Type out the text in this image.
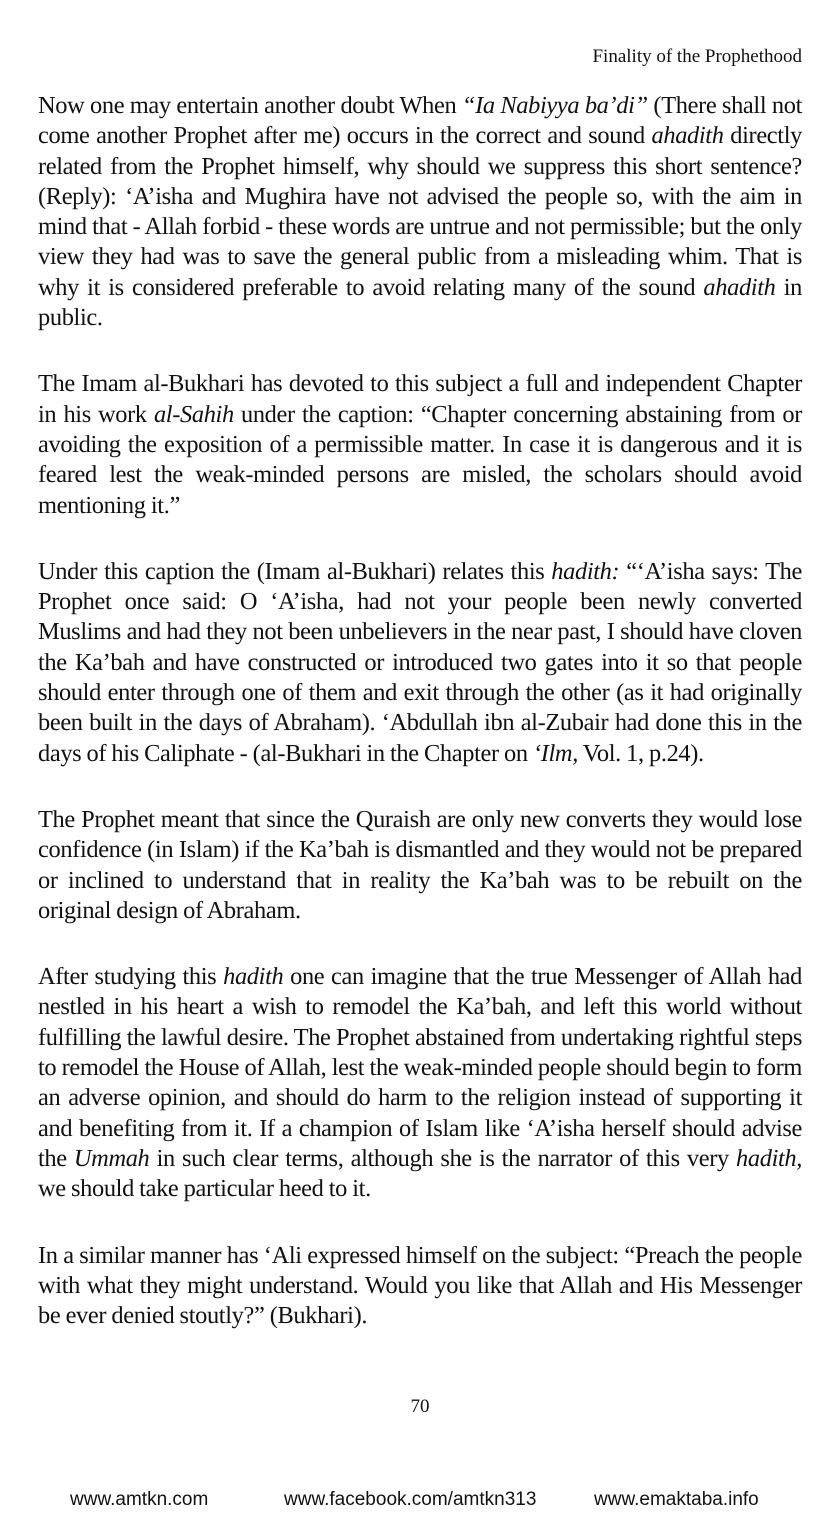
Finality of the Prophethood

Now one may entertain another doubt When “Ia Nabiyya ba’di” (There shall not come another Prophet after me) occurs in the correct and sound ahadith directly related from the Prophet himself, why should we suppress this short sentence? (Reply): ‘A’isha and Mughira have not advised the people so, with the aim in mind that - Allah forbid - these words are untrue and not permissible; but the only view they had was to save the general public from a misleading whim. That is why it is considered preferable to avoid relating many of the sound ahadith in public.

The Imam al-Bukhari has devoted to this subject a full and independent Chapter in his work al-Sahih under the caption: “Chapter concerning abstaining from or avoiding the exposition of a permissible matter. In case it is dangerous and it is feared lest the weak-minded persons are misled, the scholars should avoid mentioning it.”

Under this caption the (Imam al-Bukhari) relates this hadith: “‘A’isha says: The Prophet once said: O ‘A’isha, had not your people been newly converted Muslims and had they not been unbelievers in the near past, I should have cloven the Ka’bah and have constructed or introduced two gates into it so that people should enter through one of them and exit through the other (as it had originally been built in the days of Abraham). ‘Abdullah ibn al-Zubair had done this in the days of his Caliphate - (al-Bukhari in the Chapter on ‘Ilm, Vol. 1, p.24).

The Prophet meant that since the Quraish are only new converts they would lose confidence (in Islam) if the Ka’bah is dismantled and they would not be prepared or inclined to understand that in reality the Ka’bah was to be rebuilt on the original design of Abraham.

After studying this hadith one can imagine that the true Messenger of Allah had nestled in his heart a wish to remodel the Ka’bah, and left this world without fulfilling the lawful desire. The Prophet abstained from undertaking rightful steps to remodel the House of Allah, lest the weak-minded people should begin to form an adverse opinion, and should do harm to the religion instead of supporting it and benefiting from it. If a champion of Islam like ‘A’isha herself should advise the Ummah in such clear terms, although she is the narrator of this very hadith, we should take particular heed to it.

In a similar manner has ‘Ali expressed himself on the subject: “Preach the people with what they might understand. Would you like that Allah and His Messenger be ever denied stoutly?” (Bukhari).

70
www.amtkn.com	www.facebook.com/amtkn313	www.emaktaba.info
